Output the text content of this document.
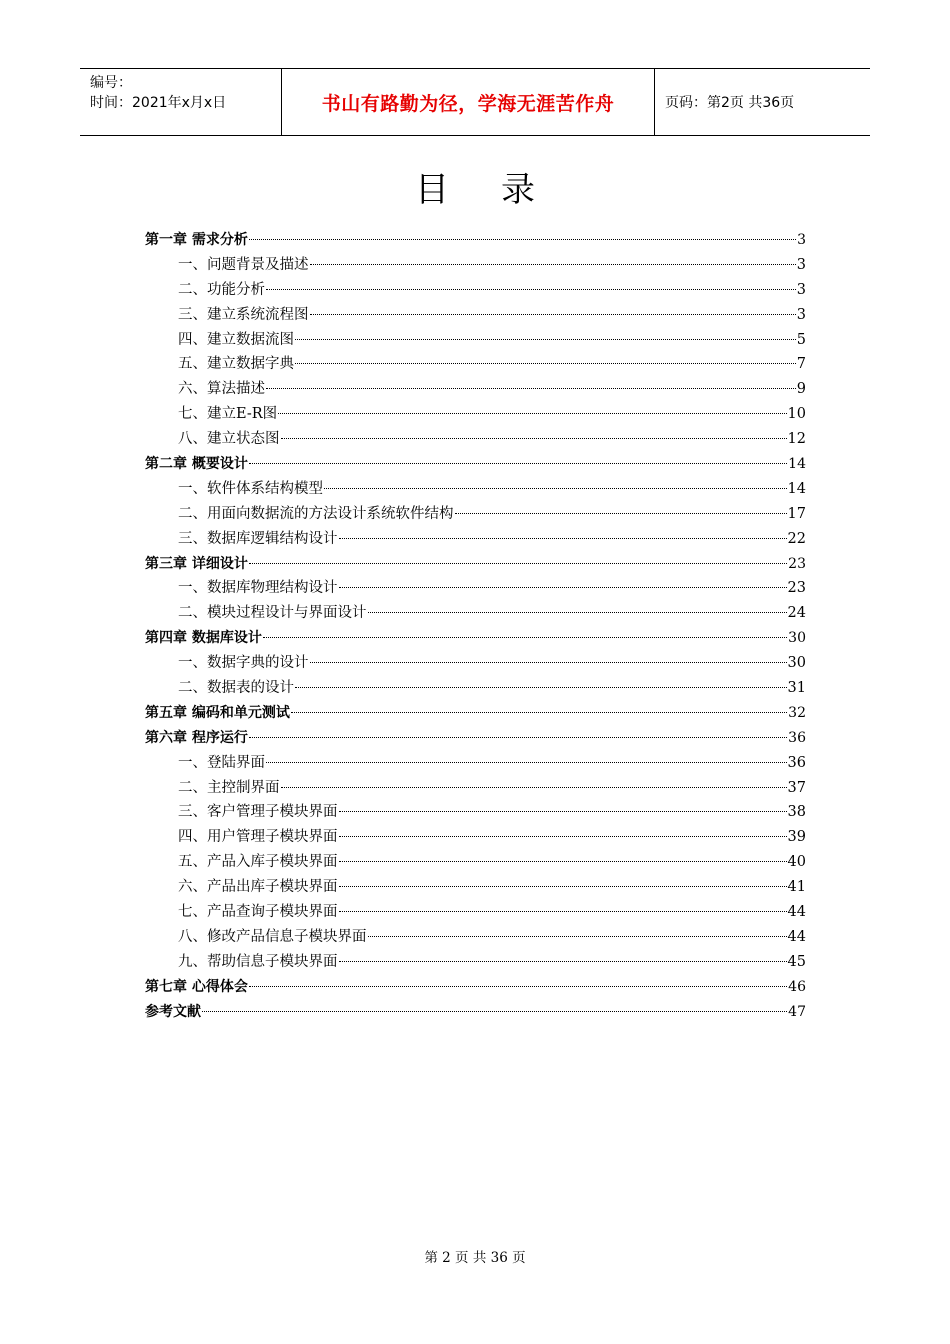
编号：
时间：2021年x月x日	书山有路勤为径，学海无涯苦作舟	页码：第2页 共36页
目 录
第一章 需求分析	3
一、问题背景及描述	3
二、功能分析	3
三、建立系统流程图	3
四、建立数据流图	5
五、建立数据字典	7
六、算法描述	9
七、建立E-R图	10
八、建立状态图	12
第二章 概要设计	14
一、软件体系结构模型	14
二、用面向数据流的方法设计系统软件结构	17
三、数据库逻辑结构设计	22
第三章 详细设计	23
一、数据库物理结构设计	23
二、模块过程设计与界面设计	24
第四章 数据库设计	30
一、数据字典的设计	30
二、数据表的设计	31
第五章 编码和单元测试	32
第六章 程序运行	36
一、登陆界面	36
二、主控制界面	37
三、客户管理子模块界面	38
四、用户管理子模块界面	39
五、产品入库子模块界面	40
六、产品出库子模块界面	41
七、产品查询子模块界面	44
八、修改产品信息子模块界面	44
九、帮助信息子模块界面	45
第七章 心得体会	46
参考文献	47
第 2 页 共 36 页
